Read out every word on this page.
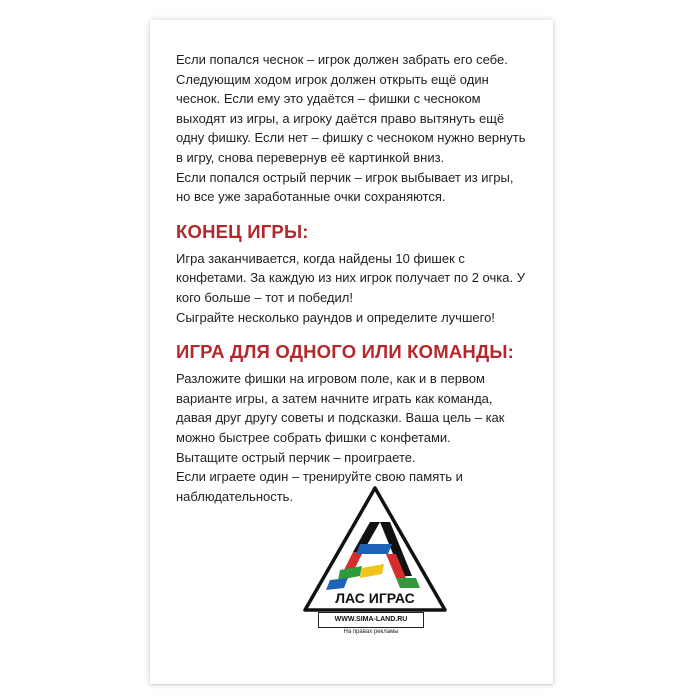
Если попался чеснок – игрок должен забрать его себе.

Следующим ходом игрок должен открыть ещё один чеснок. Если ему это удаётся – фишки с чесноком выходят из игры, а игроку даётся право вытянуть ещё одну фишку. Если нет – фишку с чесноком нужно вернуть в игру, снова перевернув её картинкой вниз.

Если попался острый перчик – игрок выбывает из игры, но все уже заработанные очки сохраняются.

КОНЕЦ ИГРЫ:

Игра заканчивается, когда найдены 10 фишек с конфетами. За каждую из них игрок получает по 2 очка. У кого больше – тот и победил!

Сыграйте несколько раундов и определите лучшего!

ИГРА ДЛЯ ОДНОГО ИЛИ КОМАНДЫ:

Разложите фишки на игровом поле, как и в первом варианте игры, а затем начните играть как команда, давая друг другу советы и подсказки. Ваша цель – как можно быстрее собрать фишки с конфетами.

Вытащите острый перчик – проиграете.

Если играете один – тренируйте свою память и наблюдательность.

ЛАС ИГРАС
WWW.SIMA-LAND.RU
На правах рекламы
